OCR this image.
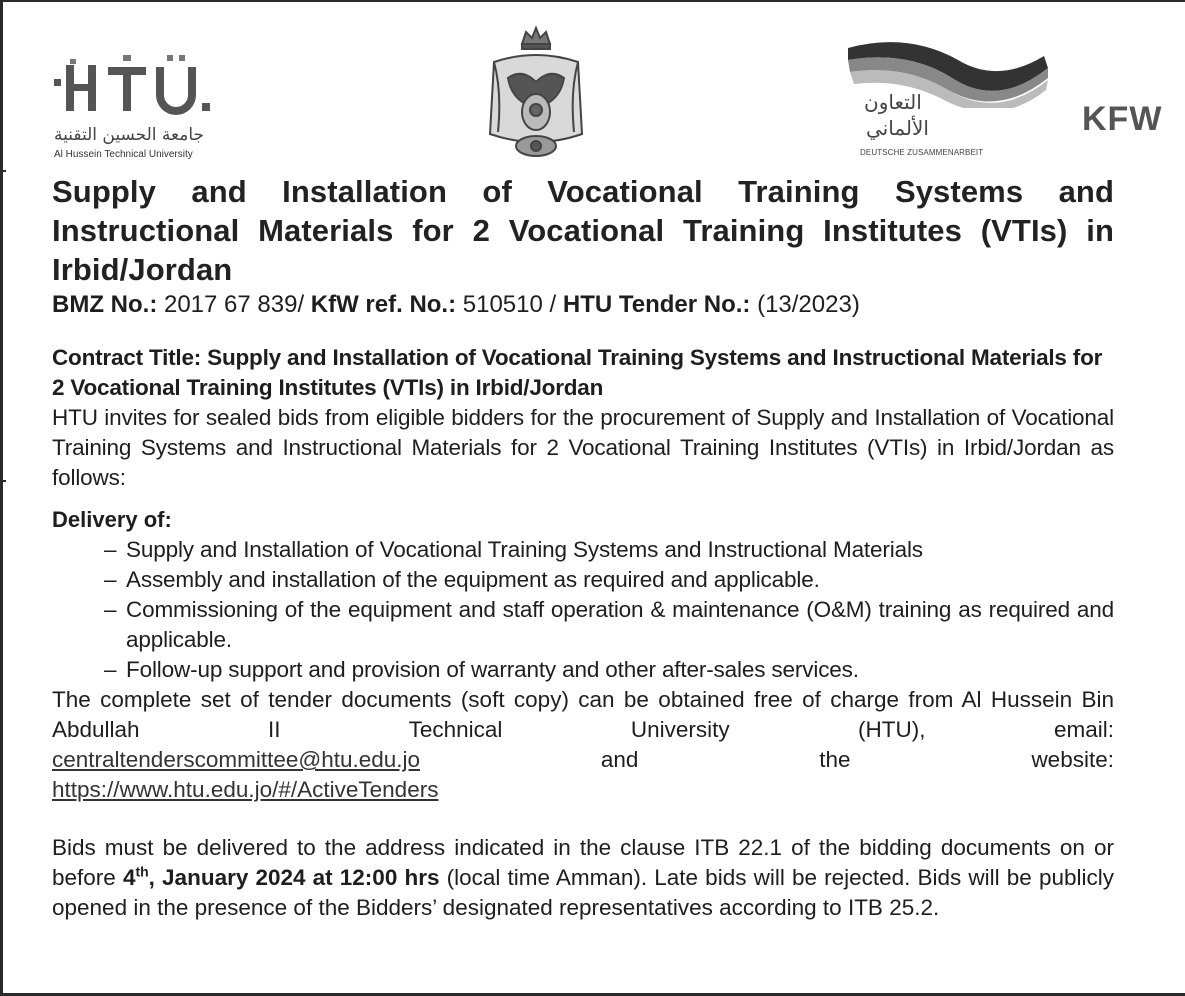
جامعة الحسين التقنية
Al Hussein Technical University
التعاون
الألماني
DEUTSCHE ZUSAMMENARBEIT
KFW
Supply and Installation of Vocational Training Systems and Instructional Materials for 2 Vocational Training Institutes (VTIs) in Irbid/Jordan
BMZ No.: 2017 67 839/ KfW ref. No.: 510510 / HTU Tender No.: (13/2023)
Contract Title: Supply and Installation of Vocational Training Systems and Instructional Materials for 2 Vocational Training Institutes (VTIs) in Irbid/Jordan
HTU invites for sealed bids from eligible bidders for the procurement of Supply and Installation of Vocational Training Systems and Instructional Materials for 2 Vocational Training Institutes (VTIs) in Irbid/Jordan as follows:
Delivery of:
– Supply and Installation of Vocational Training Systems and Instructional Materials
– Assembly and installation of the equipment as required and applicable.
– Commissioning of the equipment and staff operation & maintenance (O&M) training as required and applicable.
– Follow-up support and provision of warranty and other after-sales services.
The complete set of tender documents (soft copy) can be obtained free of charge from Al Hussein Bin Abdullah II Technical University (HTU), email:
centraltenderscommittee@htu.edu.jo	and	the	website:
https://www.htu.edu.jo/#/ActiveTenders
Bids must be delivered to the address indicated in the clause ITB 22.1 of the bidding documents on or before 4th, January 2024 at 12:00 hrs (local time Amman). Late bids will be rejected. Bids will be publicly opened in the presence of the Bidders’ designated representatives according to ITB 25.2.
